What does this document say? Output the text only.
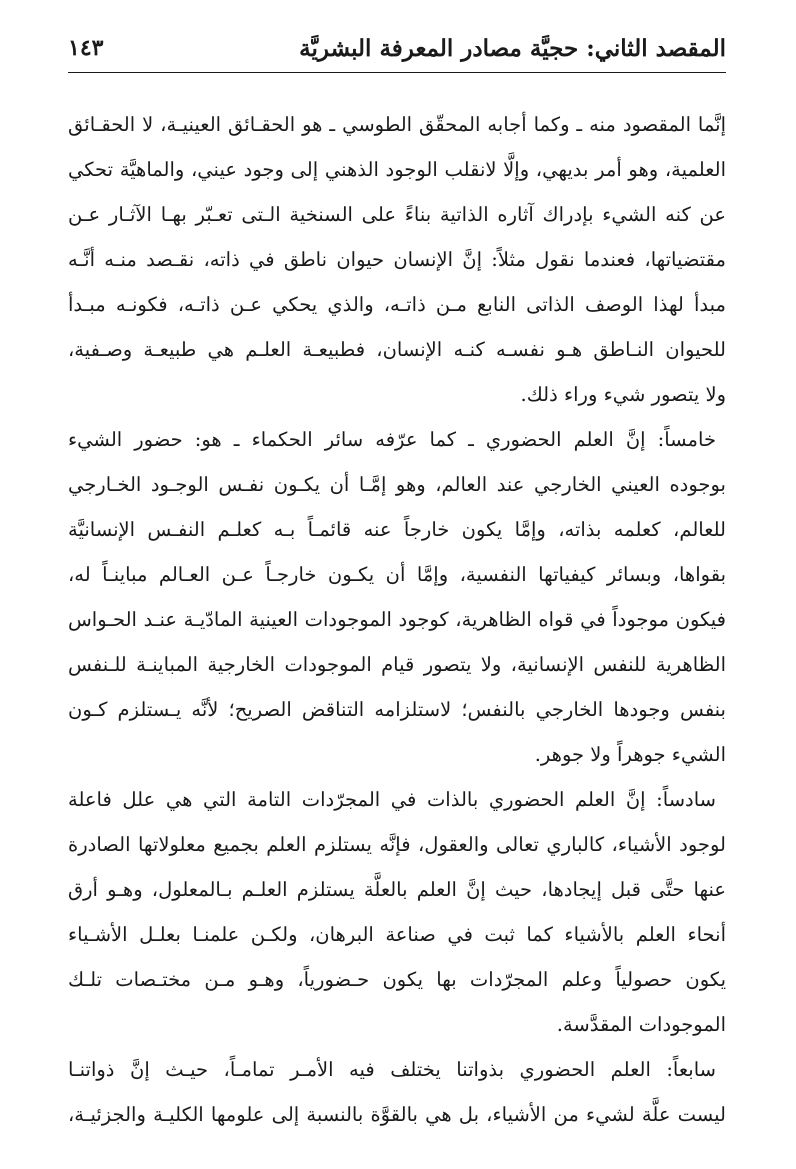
المقصد الثاني: حجيَّة مصادر المعرفة البشريَّة
١٤٣
إنَّما المقصود منه ـ وكما أجابه المحقّق الطوسي ـ هو الحقـائق العينيـة، لا الحقـائق
العلمية، وهو أمر بديهي، وإلَّا لانقلب الوجود الذهني إلى وجود عيني، والماهيَّة تحكي
عن كنه الشيء بإدراك آثاره الذاتية بناءً على السنخية الـتى تعـبّر بهـا الآثـار عـن
مقتضياتها، فعندما نقول مثلاً: إنَّ الإنسان حيوان ناطق في ذاته، نقـصد منـه أنَّـه
مبدأ لهذا الوصف الذاتى النابع مـن ذاتـه، والذي يحكي عـن ذاتـه، فكونـه مبـدأ
للحيوان النـاطق هـو نفسـه كنـه الإنسان، فطبيعـة العلـم هي طبيعـة وصـفية،
ولا يتصور شيء وراء ذلك.
خامساً: إنَّ العلم الحضوري ـ كما عرّفه سائر الحكماء ـ هو: حضور الشيء
بوجوده العيني الخارجي عند العالم، وهو إمَّـا أن يكـون نفـس الوجـود الخـارجي
للعالم، كعلمه بذاته، وإمَّا يكون خارجاً عنه قائمـاً بـه كعلـم النفـس الإنسانيَّة
بقواها، وبسائر كيفياتها النفسية، وإمَّا أن يكـون خارجـاً عـن العـالم مباينـاً له،
فيكون موجوداً في قواه الظاهرية، كوجود الموجودات العينية المادّيـة عنـد الحـواس
الظاهرية للنفس الإنسانية، ولا يتصور قيام الموجودات الخارجية المباينـة للـنفس
بنفس وجودها الخارجي بالنفس؛ لاستلزامه التناقض الصريح؛ لأنَّه يـستلزم كـون
الشيء جوهراً ولا جوهر.
سادساً: إنَّ العلم الحضوري بالذات في المجرّدات التامة التي هي علل فاعلة
لوجود الأشياء، كالباري تعالى والعقول، فإنَّه يستلزم العلم بجميع معلولاتها الصادرة
عنها حتَّى قبل إيجادها، حيث إنَّ العلم بالعلَّة يستلزم العلـم بـالمعلول، وهـو أرق
أنحاء العلم بالأشياء كما ثبت في صناعة البرهان، ولكـن علمنـا بعلـل الأشـياء
يكون حصولياً وعلم المجرّدات بها يكون حـضورياً، وهـو مـن مختـصات تلـك
الموجودات المقدَّسة.
سابعاً: العلم الحضوري بذواتنا يختلف فيه الأمـر تمامـاً، حيـث إنَّ ذواتنـا
ليست علَّة لشيء من الأشياء، بل هي بالقوَّة بالنسبة إلى علومها الكليـة والجزئيـة،
